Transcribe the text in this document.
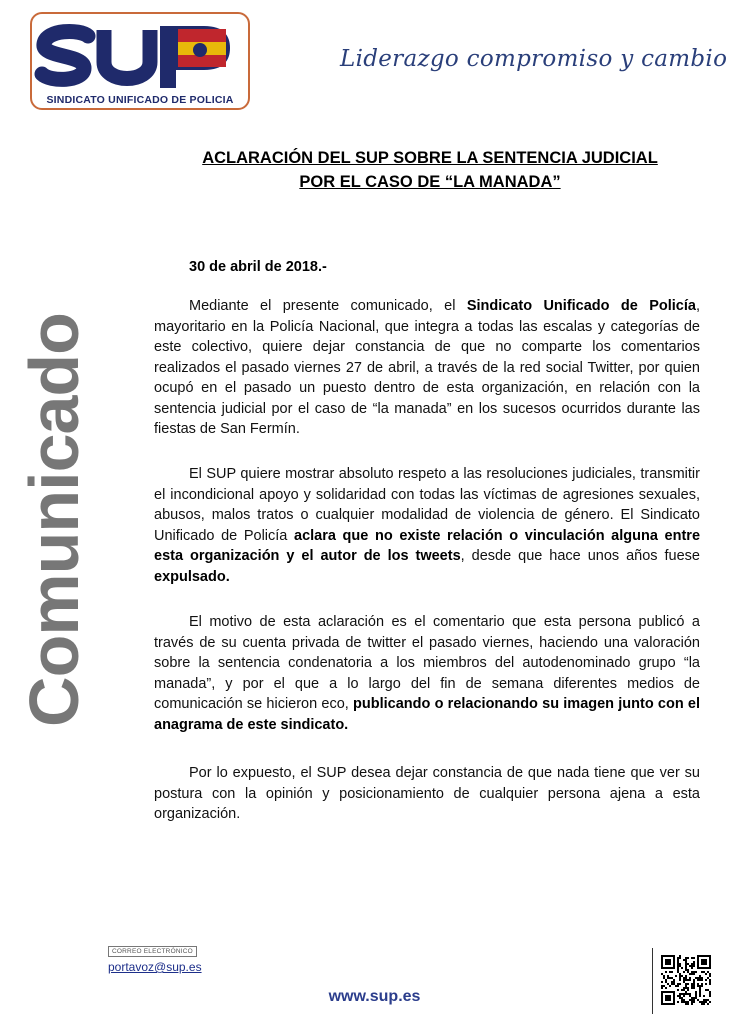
SUP
SINDICATO UNIFICADO DE POLICIA
Liderazgo compromiso y cambio
Comunicado
ACLARACIÓN DEL SUP SOBRE LA SENTENCIA JUDICIAL
POR EL CASO DE “LA MANADA”
30 de abril de 2018.-

Mediante el presente comunicado, el Sindicato Unificado de Policía, mayoritario en la Policía Nacional, que integra a todas las escalas y categorías de este colectivo, quiere dejar constancia de que no comparte los comentarios realizados el pasado viernes 27 de abril, a través de la red social Twitter, por quien ocupó en el pasado un puesto dentro de esta organización, en relación con la sentencia judicial por el caso de “la manada” en los sucesos ocurridos durante las fiestas de San Fermín.

El SUP quiere mostrar absoluto respeto a las resoluciones judiciales, transmitir el incondicional apoyo y solidaridad con todas las víctimas de agresiones sexuales, abusos, malos tratos o cualquier modalidad de violencia de género. El Sindicato Unificado de Policía aclara que no existe relación o vinculación alguna entre esta organización y el autor de los tweets, desde que hace unos años fuese expulsado.

El motivo de esta aclaración es el comentario que esta persona publicó a través de su cuenta privada de twitter el pasado viernes, haciendo una valoración sobre la sentencia condenatoria a los miembros del autodenominado grupo “la manada”, y por el que a lo largo del fin de semana diferentes medios de comunicación se hicieron eco, publicando o relacionando su imagen junto con el anagrama de este sindicato.

Por lo expuesto, el SUP desea dejar constancia de que nada tiene que ver su postura con la opinión y posicionamiento de cualquier persona ajena a esta organización.

CORREO ELECTRÓNICO
portavoz@sup.es
www.sup.es
